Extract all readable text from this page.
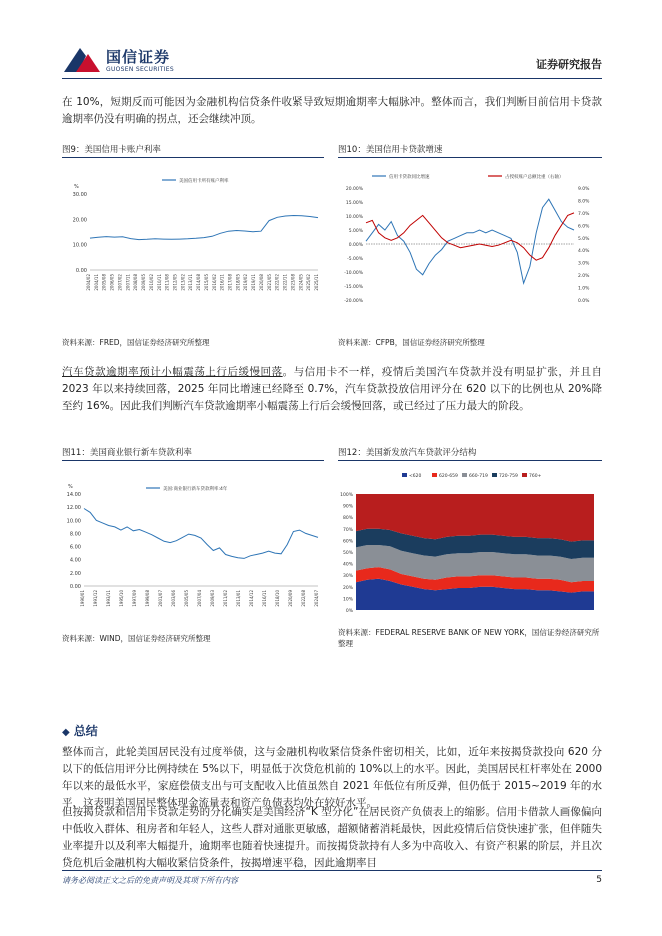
国信证券
GUOSEN SECURITIES	证券研究报告
在 10%，短期反而可能因为金融机构信贷条件收紧导致短期逾期率大幅脉冲。整体而言，我们判断目前信用卡贷款逾期率仍没有明确的拐点，还会继续冲顶。
图9：美国信用卡账户利率
30.00
20.00
10.00
0.00
%
美国信用卡所有账户利率
2004/02 2004/11 2005/08 2006/05 2007/02 2007/11 2008/08 2009/05 2010/02 2010/11 2011/08 2012/05 2013/02 2013/11 2014/08 2015/05 2016/02 2016/11 2017/08 2018/05 2019/02 2019/11 2020/08 2021/05 2022/02 2022/11 2023/08 2024/05 2025/02 2025/11
资料来源：FRED，国信证券经济研究所整理
图10：美国信用卡贷款增速
20.00%
15.00%
10.00%
5.00%
0.00%
-5.00%
-10.00%
-15.00%
-20.00%
9.0%
8.0%
7.0%
6.0%
5.0%
4.0%
3.0%
2.0%
1.0%
0.0%
信用卡贷款同比增速	占授权账户总额比重（右轴）
资料来源：CFPB，国信证券经济研究所整理
汽车贷款逾期率预计小幅震荡上行后缓慢回落。与信用卡不一样，疫情后美国汽车贷款并没有明显扩张，并且自 2023 年以来持续回落，2025 年同比增速已经降至 0.7%，汽车贷款投放信用评分在 620 以下的比例也从 20%降至约 16%。因此我们判断汽车贷款逾期率小幅震荡上行后会缓慢回落，或已经过了压力最大的阶段。
图11：美国商业银行新车贷款利率
14.00
12.00
10.00
8.00
6.00
4.00
2.00
0.00
%	美国:商业银行新车贷款利率:4年
1990/01 1991/12 1993/11 1995/10 1997/09 1999/08 2001/07 2003/06 2005/05 2007/04 2009/03 2011/02 2013/01 2014/12 2016/11 2018/10 2020/09 2022/08 2024/07
资料来源：WIND，国信证券经济研究所整理
图12：美国新发放汽车贷款评分结构
100%
90%
80%
70%
60%
50%
40%
30%
20%
10%
0%
<620	620-659 660-719 720-759 760+
资料来源：FEDERAL RESERVE BANK OF NEW YORK，国信证券经济研究所整理
◆ 总结
整体而言，此轮美国居民没有过度举债，这与金融机构收紧信贷条件密切相关，比如，近年来按揭贷款投向 620 分以下的低信用评分比例持续在 5%以下，明显低于次贷危机前的 10%以上的水平。因此，美国居民杠杆率处在 2000 年以来的最低水平，家庭偿债支出与可支配收入比值虽然自 2021 年低位有所反弹，但仍低于 2015~2019 年的水平，这表明美国居民整体现金流量表和资产负债表均处在较好水平。
但按揭贷款和信用卡贷款走势的分化确实是美国经济“K 型分化”在居民资产负债表上的缩影。信用卡借款人画像偏向中低收入群体、租房者和年轻人，这些人群对通胀更敏感，超额储蓄消耗最快，因此疫情后信贷快速扩张，但伴随失业率提升以及利率大幅提升，逾期率也随着快速提升。而按揭贷款持有人多为中高收入、有资产积累的阶层，并且次贷危机后金融机构大幅收紧信贷条件，按揭增速平稳，因此逾期率目
请务必阅读正文之后的免责声明及其项下所有内容	5
